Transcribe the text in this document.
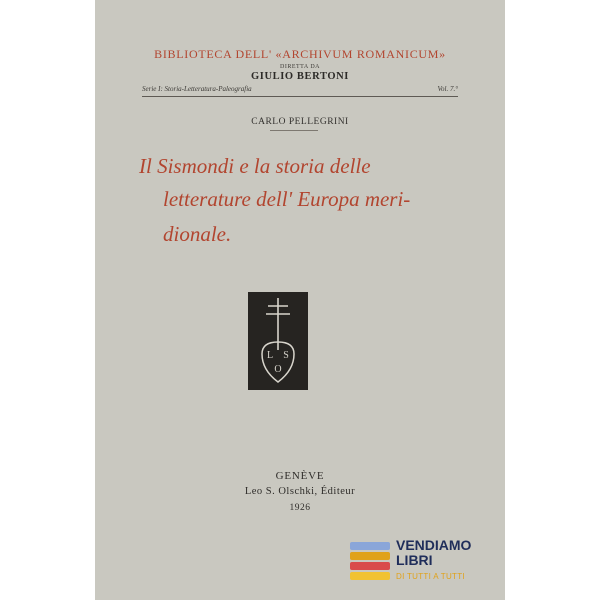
BIBLIOTECA DELL' «ARCHIVUM ROMANICUM»
DIRETTA DA
GIULIO BERTONI
Serie I: Storia-Letteratura-Paleografia	Vol. 7.°
CARLO PELLEGRINI
Il Sismondi e la storia delle
letterature dell' Europa meri-
dionale.
L S
O
GENÈVE
Leo S. Olschki, Éditeur
1926
VENDIAMO
LIBRI
DI TUTTI A TUTTI
